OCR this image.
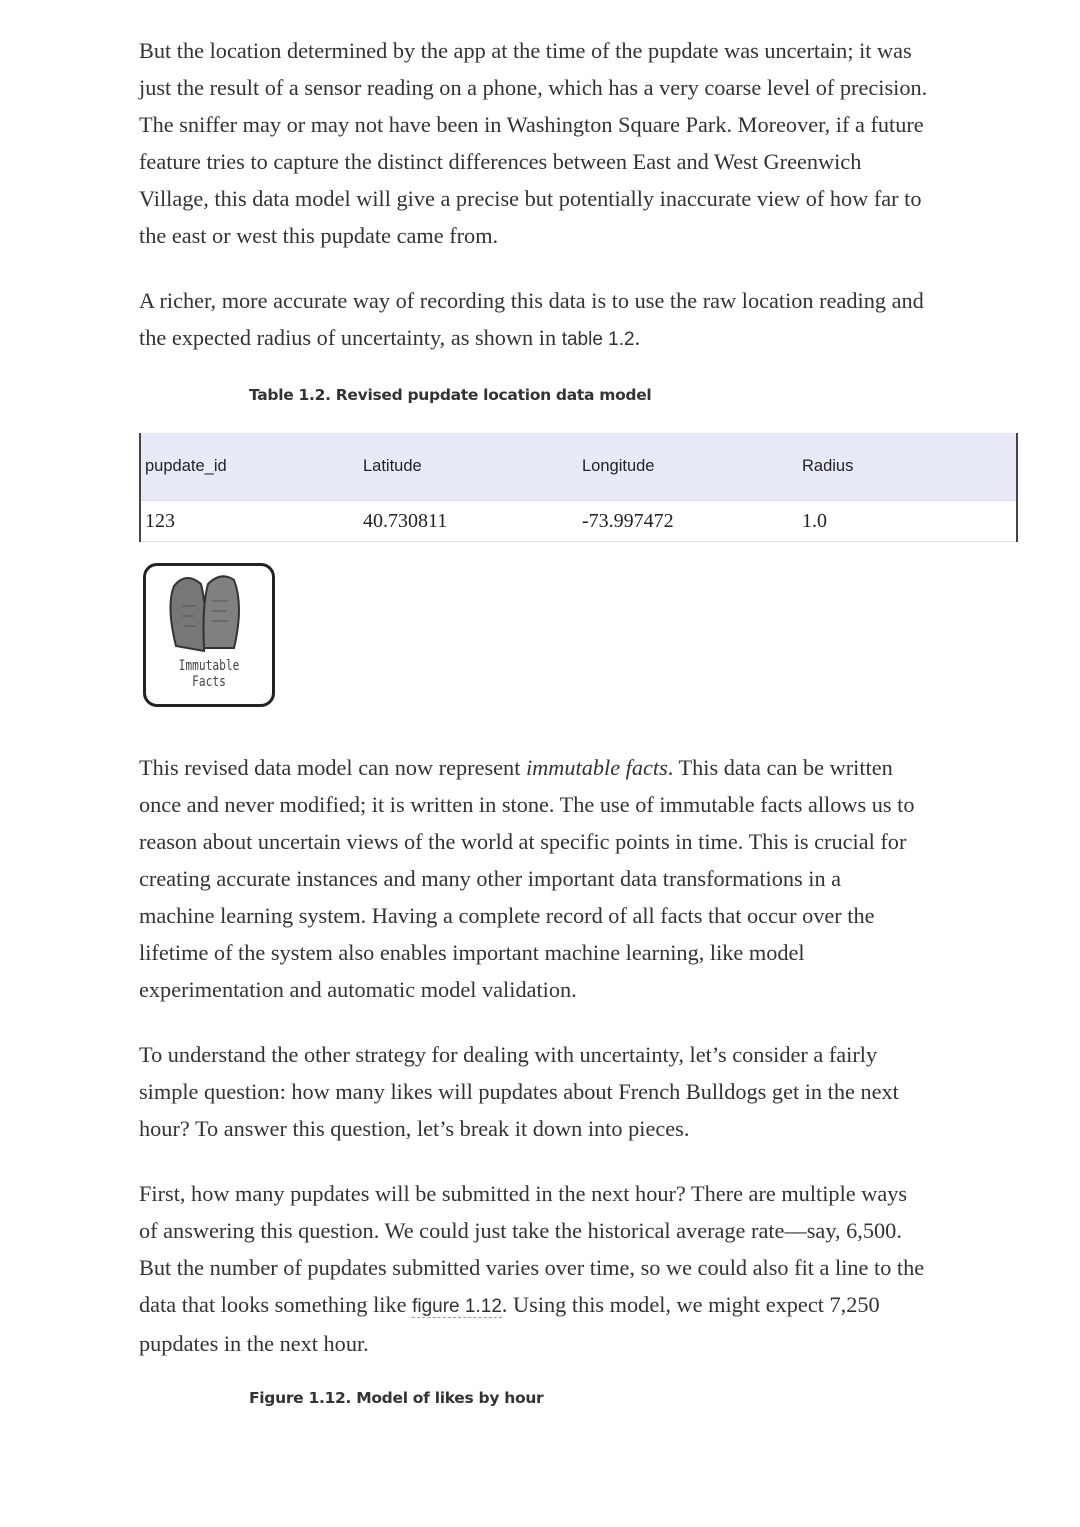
But the location determined by the app at the time of the pupdate was uncertain; it was
just the result of a sensor reading on a phone, which has a very coarse level of precision.
The sniffer may or may not have been in Washington Square Park. Moreover, if a future
feature tries to capture the distinct differences between East and West Greenwich
Village, this data model will give a precise but potentially inaccurate view of how far to
the east or west this pupdate came from.
A richer, more accurate way of recording this data is to use the raw location reading and
the expected radius of uncertainty, as shown in table 1.2.
Table 1.2. Revised pupdate location data model
pupdate_id	Latitude	Longitude	Radius
123	40.730811	-73.997472	1.0
Immutable Facts
This revised data model can now represent immutable facts. This data can be written
once and never modified; it is written in stone. The use of immutable facts allows us to
reason about uncertain views of the world at specific points in time. This is crucial for
creating accurate instances and many other important data transformations in a
machine learning system. Having a complete record of all facts that occur over the
lifetime of the system also enables important machine learning, like model
experimentation and automatic model validation.
To understand the other strategy for dealing with uncertainty, let’s consider a fairly
simple question: how many likes will pupdates about French Bulldogs get in the next
hour? To answer this question, let’s break it down into pieces.
First, how many pupdates will be submitted in the next hour? There are multiple ways
of answering this question. We could just take the historical average rate—say, 6,500.
But the number of pupdates submitted varies over time, so we could also fit a line to the
data that looks something like figure 1.12. Using this model, we might expect 7,250
pupdates in the next hour.
Figure 1.12. Model of likes by hour
